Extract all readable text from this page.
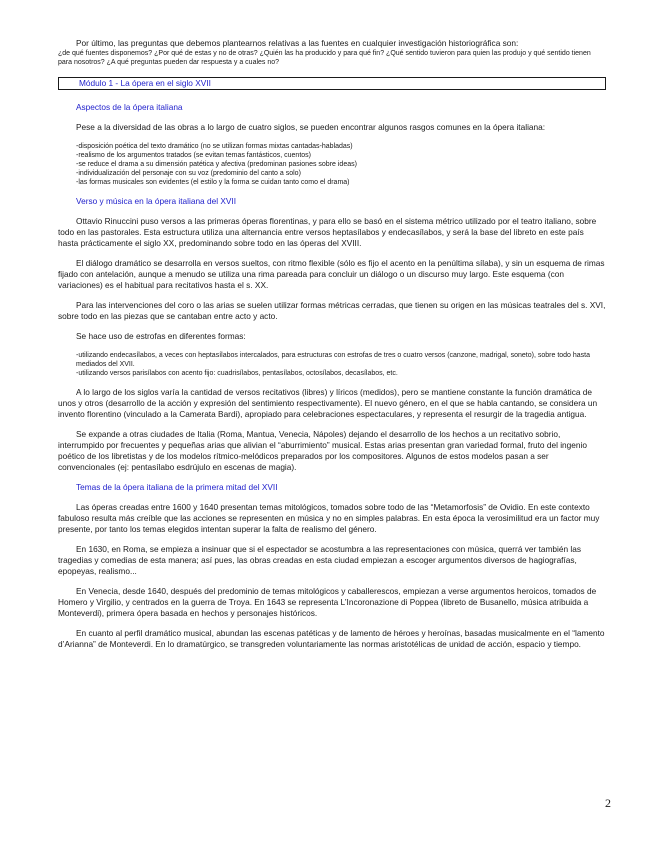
Por último, las preguntas que debemos plantearnos relativas a las fuentes en cualquier investigación historiográfica son:

¿de qué fuentes disponemos? ¿Por qué de estas y no de otras? ¿Quién las ha producido y para qué fin? ¿Qué sentido tuvieron para quien las produjo y qué sentido tienen para nosotros? ¿A qué preguntas pueden dar respuesta y a cuales no?

Módulo 1 - La ópera en el siglo XVII
Aspectos de la ópera italiana

Pese a la diversidad de las obras a lo largo de cuatro siglos, se pueden encontrar algunos rasgos comunes en la ópera italiana:

-disposición poética del texto dramático (no se utilizan formas mixtas cantadas-habladas)
-realismo de los argumentos tratados (se evitan temas fantásticos, cuentos)
-se reduce el drama a su dimensión patética y afectiva (predominan pasiones sobre ideas)
-individualización del personaje con su voz (predominio del canto a solo)
-las formas musicales son evidentes (el estilo y la forma se cuidan tanto como el drama)
Verso y música en la ópera italiana del XVII

Ottavio Rinuccini puso versos a las primeras óperas florentinas, y para ello se basó en el sistema métrico utilizado por el teatro italiano, sobre todo en las pastorales. Esta estructura utiliza una alternancia entre versos heptasílabos y endecasílabos, y será la base del libreto en este país hasta prácticamente el siglo XX, predominando sobre todo en las óperas del XVIII.

El diálogo dramático se desarrolla en versos sueltos, con ritmo flexible (sólo es fijo el acento en la penúltima sílaba), y sin un esquema de rimas fijado con antelación, aunque a menudo se utiliza una rima pareada para concluir un diálogo o un discurso muy largo. Este esquema (con variaciones) es el habitual para recitativos hasta el s. XX.

Para las intervenciones del coro o las arias se suelen utilizar formas métricas cerradas, que tienen su origen en las músicas teatrales del s. XVI, sobre todo en las piezas que se cantaban entre acto y acto.

Se hace uso de estrofas en diferentes formas:

-utilizando endecasílabos, a veces con heptasílabos intercalados, para estructuras con estrofas de tres o cuatro versos (canzone, madrigal, soneto), sobre todo hasta mediados del XVII.
-utilizando versos parisílabos con acento fijo: cuadrisílabos, pentasílabos, octosílabos, decasílabos, etc.

A lo largo de los siglos varía la cantidad de versos recitativos (libres) y líricos (medidos), pero se mantiene constante la función dramática de unos y otros (desarrollo de la acción y expresión del sentimiento respectivamente). El nuevo género, en el que se habla cantando, se considera un invento florentino (vinculado a la Camerata Bardi), apropiado para celebraciones espectaculares, y representa el resurgir de la tragedia antigua.

Se expande a otras ciudades de Italia (Roma, Mantua, Venecia, Nápoles) dejando el desarrollo de los hechos a un recitativo sobrio, interrumpido por frecuentes y pequeñas arias que alivian el “aburrimiento” musical. Estas arias presentan gran variedad formal, fruto del ingenio poético de los libretistas y de los modelos rítmico-melódicos preparados por los compositores. Algunos de estos modelos pasan a ser convencionales (ej: pentasílabo esdrújulo en escenas de magia).

Temas de la ópera italiana de la primera mitad del XVII

Las óperas creadas entre 1600 y 1640 presentan temas mitológicos, tomados sobre todo de las “Metamorfosis” de Ovidio. En este contexto fabuloso resulta más creíble que las acciones se representen en música y no en simples palabras. En esta época la verosimilitud era un factor muy presente, por tanto los temas elegidos intentan superar la falta de realismo del género.

En 1630, en Roma, se empieza a insinuar que si el espectador se acostumbra a las representaciones con música, querrá ver también las tragedias y comedias de esta manera; así pues, las obras creadas en esta ciudad empiezan a escoger argumentos diversos de hagiografías, epopeyas, realismo...

En Venecia, desde 1640, después del predominio de temas mitológicos y caballerescos, empiezan a verse argumentos heroicos, tomados de Homero y Virgilio, y centrados en la guerra de Troya. En 1643 se representa L’Incoronazione di Poppea (libreto de Busanello, música atribuida a Monteverdi), primera ópera basada en hechos y personajes históricos.

En cuanto al perfil dramático musical, abundan las escenas patéticas y de lamento de héroes y heroínas, basadas musicalmente en el “lamento d’Arianna” de Monteverdi. En lo dramatúrgico, se transgreden voluntariamente las normas aristotélicas de unidad de acción, espacio y tiempo.

2
